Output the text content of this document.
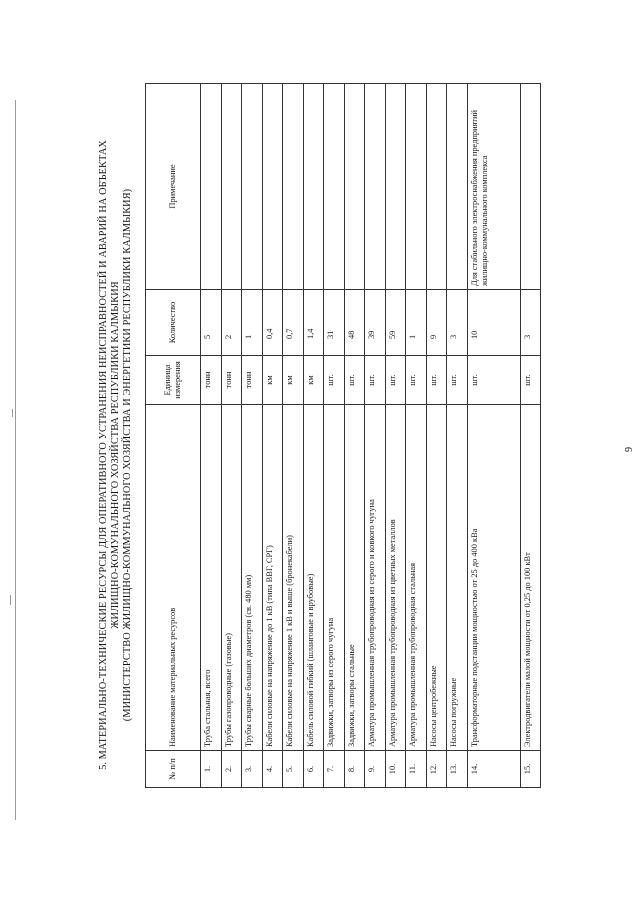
5. МАТЕРИАЛЬНО-ТЕХНИЧЕСКИЕ РЕСУРСЫ ДЛЯ ОПЕРАТИВНОГО УСТРАНЕНИЯ НЕИСПРАВНОСТЕЙ И АВАРИЙ НА ОБЪЕКТАХ ЖИЛИЩНО-КОМУНАЛЬНОГО ХОЗЯЙСТВА РЕСПУБЛИКИ КАЛМЫКИЯ (МИНИСТЕРСТВО ЖИЛИЩНО-КОММУНАЛЬНОГО ХОЗЯЙСТВА И ЭНЕРГЕТИКИ РЕСПУБЛИКИ КАЛМЫКИЯ)
№ п/п	Наименование материальных ресурсов	Единица измерения	Количество	Примечание
1.	Труба стальная, всего	тонн	5	
2.	Трубы газопроводные (газовые)	тонн	2	
3.	Трубы сварные больших диаметров (св. 480 мм)	тонн	1	
4.	Кабели силовые на напряжение до 1 кВ (типа ВВГ, СРГ)	км	0,4	
5.	Кабели силовые на напряжение 1 кВ и выше (бронекабели)	км	0,7	
6.	Кабель силовой гибкий (шланговые и врубовые)	км	1,4	
7.	Задвижки, затворы из серого чугуна	шт.	31	
8.	Задвижки, затворы стальные	шт.	48	
9.	Арматура промышленная трубопроводная из серого и ковкого чугуна	шт.	39	
10.	Арматура промышленная трубопроводная из цветных металлов	шт.	59	
11.	Арматура промышленная трубопроводная стальная	шт.	1	
12.	Насосы центробежные	шт.	9	
13.	Насосы погружные	шт.	3	
14.	Трансформаторные подстанции мощностью от 25 до 400 кВа	шт.	10	Для стабильного электроснабжения предприятий жилищно-коммунального комплекса
15.	Электродвигатели малой мощности от 0,25 до 100 кВт	шт.	3	
9
